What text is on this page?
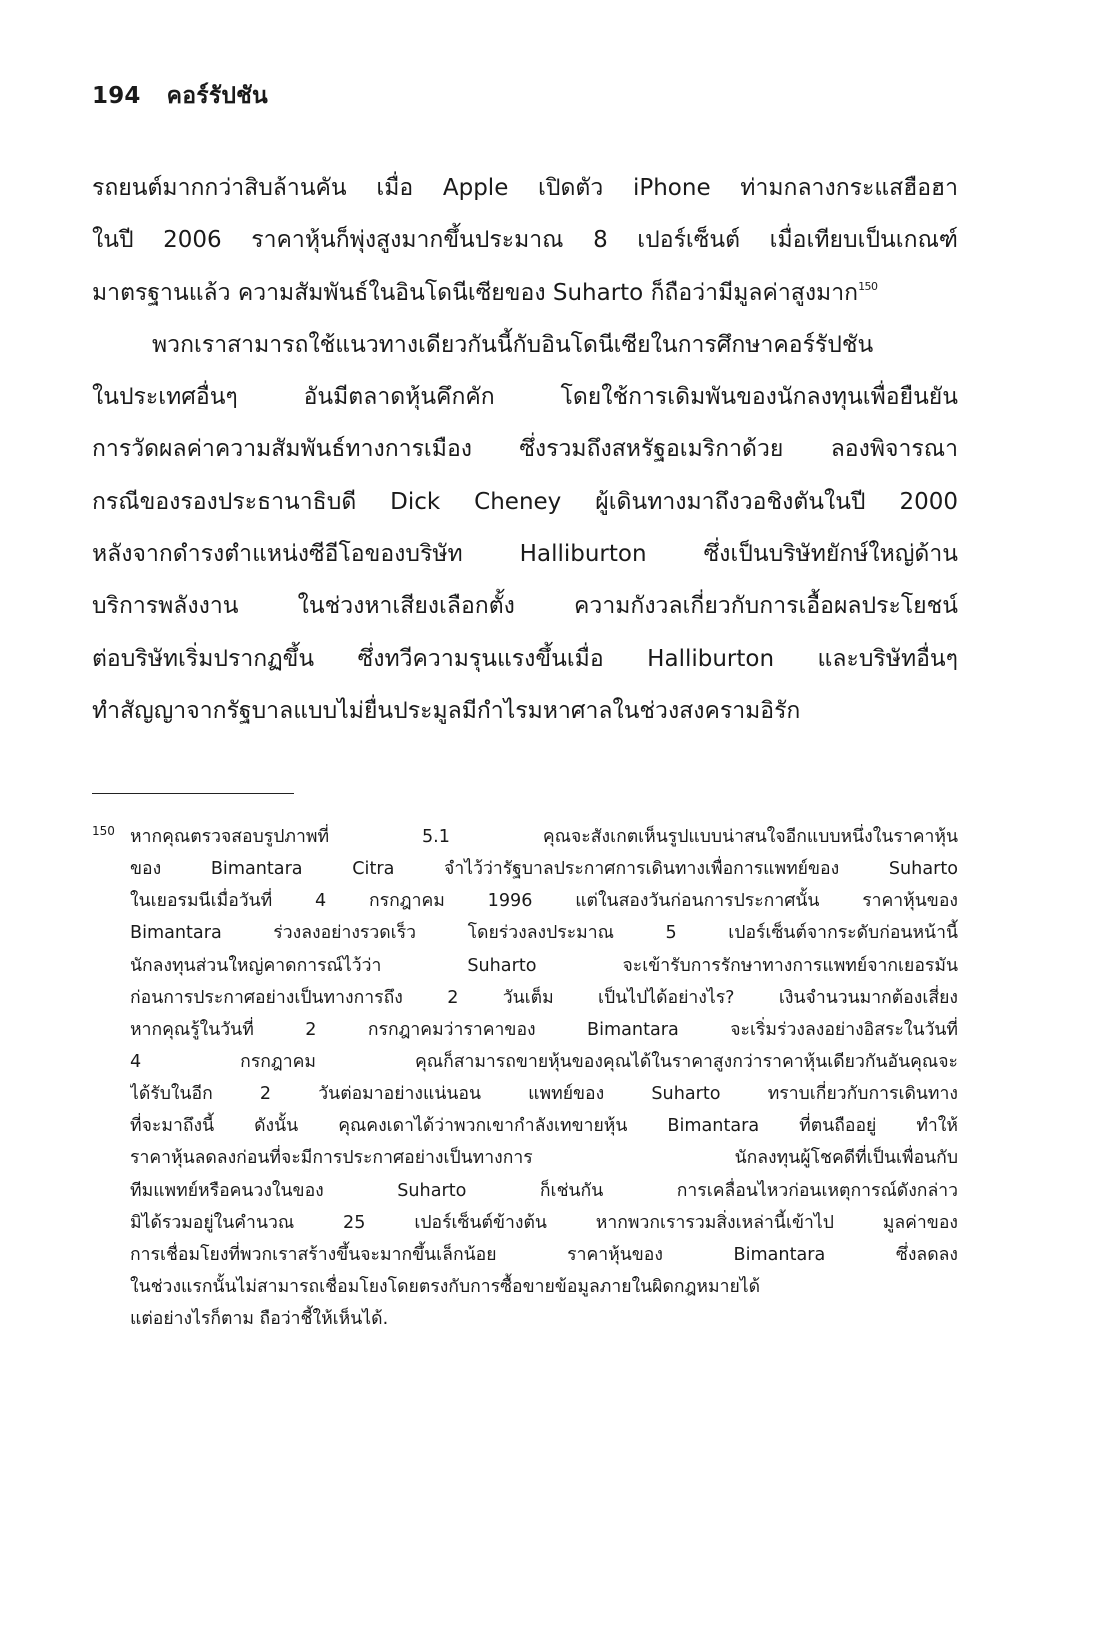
194 คอร์รัปชัน
รถยนต์มากกว่าสิบล้านคัน เมื่อ Apple เปิดตัว iPhone ท่ามกลางกระแสฮือฮา
ในปี 2006 ราคาหุ้นก็พุ่งสูงมากขึ้นประมาณ 8 เปอร์เซ็นต์ เมื่อเทียบเป็นเกณฑ์
มาตรฐานแล้ว ความสัมพันธ์ในอินโดนีเซียของ Suharto ก็ถือว่ามีมูลค่าสูงมาก$^{150}$
พวกเราสามารถใช้แนวทางเดียวกันนี้กับอินโดนีเซียในการศึกษาคอร์รัปชัน
ในประเทศอื่นๆ อันมีตลาดหุ้นคึกคัก โดยใช้การเดิมพันของนักลงทุนเพื่อยืนยัน
การวัดผลค่าความสัมพันธ์ทางการเมือง ซึ่งรวมถึงสหรัฐอเมริกาด้วย ลองพิจารณา
กรณีของรองประธานาธิบดี Dick Cheney ผู้เดินทางมาถึงวอชิงตันในปี 2000
หลังจากดำรงตำแหน่งซีอีโอของบริษัท Halliburton ซึ่งเป็นบริษัทยักษ์ใหญ่ด้าน
บริการพลังงาน ในช่วงหาเสียงเลือกตั้ง ความกังวลเกี่ยวกับการเอื้อผลประโยชน์
ต่อบริษัทเริ่มปรากฏขึ้น ซึ่งทวีความรุนแรงขึ้นเมื่อ Halliburton และบริษัทอื่นๆ
ทำสัญญาจากรัฐบาลแบบไม่ยื่นประมูลมีกำไรมหาศาลในช่วงสงครามอิรัก
150 หากคุณตรวจสอบรูปภาพที่ 5.1 คุณจะสังเกตเห็นรูปแบบน่าสนใจอีกแบบหนึ่งในราคาหุ้น
ของ Bimantara Citra จำไว้ว่ารัฐบาลประกาศการเดินทางเพื่อการแพทย์ของ Suharto
ในเยอรมนีเมื่อวันที่ 4 กรกฎาคม 1996 แต่ในสองวันก่อนการประกาศนั้น ราคาหุ้นของ
Bimantara ร่วงลงอย่างรวดเร็ว โดยร่วงลงประมาณ 5 เปอร์เซ็นต์จากระดับก่อนหน้านี้
นักลงทุนส่วนใหญ่คาดการณ์ไว้ว่า Suharto จะเข้ารับการรักษาทางการแพทย์จากเยอรมัน
ก่อนการประกาศอย่างเป็นทางการถึง 2 วันเต็ม เป็นไปได้อย่างไร? เงินจำนวนมากต้องเสี่ยง
หากคุณรู้ในวันที่ 2 กรกฎาคมว่าราคาของ Bimantara จะเริ่มร่วงลงอย่างอิสระในวันที่
4 กรกฎาคม คุณก็สามารถขายหุ้นของคุณได้ในราคาสูงกว่าราคาหุ้นเดียวกันอันคุณจะ
ได้รับในอีก 2 วันต่อมาอย่างแน่นอน แพทย์ของ Suharto ทราบเกี่ยวกับการเดินทาง
ที่จะมาถึงนี้ ดังนั้น คุณคงเดาได้ว่าพวกเขากำลังเทขายหุ้น Bimantara ที่ตนถืออยู่ ทำให้
ราคาหุ้นลดลงก่อนที่จะมีการประกาศอย่างเป็นทางการ นักลงทุนผู้โชคดีที่เป็นเพื่อนกับ
ทีมแพทย์หรือคนวงในของ Suharto ก็เช่นกัน การเคลื่อนไหวก่อนเหตุการณ์ดังกล่าว
มิได้รวมอยู่ในคำนวณ 25 เปอร์เซ็นต์ข้างต้น หากพวกเรารวมสิ่งเหล่านี้เข้าไป มูลค่าของ
การเชื่อมโยงที่พวกเราสร้างขึ้นจะมากขึ้นเล็กน้อย ราคาหุ้นของ Bimantara ซึ่งลดลง
ในช่วงแรกนั้นไม่สามารถเชื่อมโยงโดยตรงกับการซื้อขายข้อมูลภายในผิดกฎหมายได้
แต่อย่างไรก็ตาม ถือว่าชี้ให้เห็นได้.
